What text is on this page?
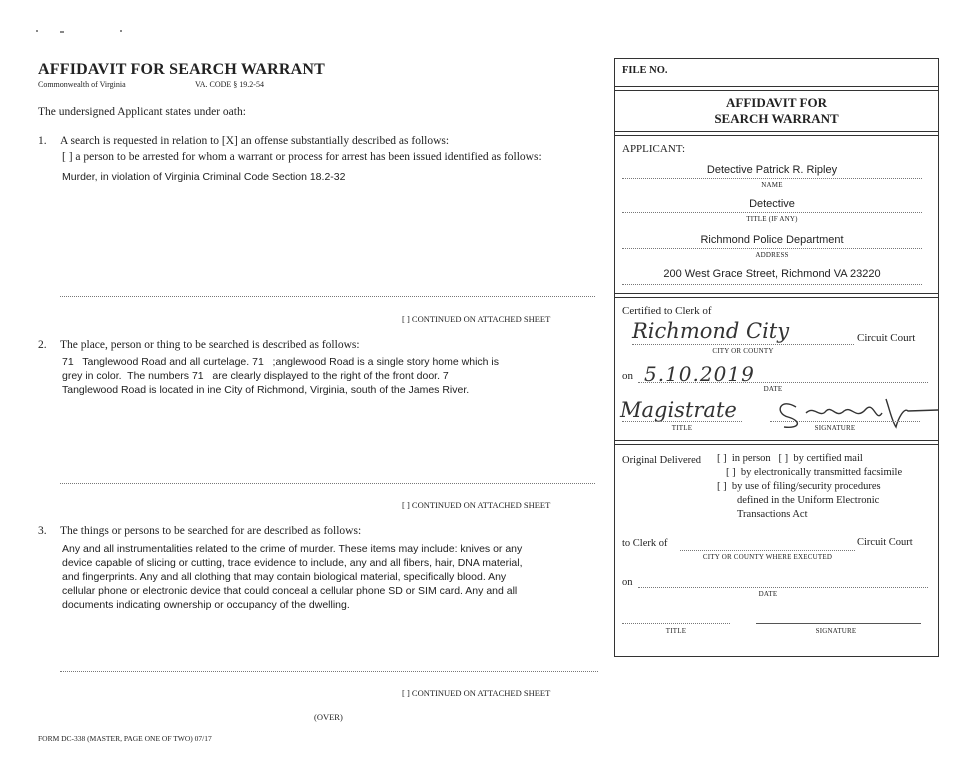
AFFIDAVIT FOR SEARCH WARRANT
Commonwealth of Virginia	VA. CODE § 19.2-54
The undersigned Applicant states under oath:
1. A search is requested in relation to [X] an offense substantially described as follows:
[ ] a person to be arrested for whom a warrant or process for arrest has been issued identified as follows:
Murder, in violation of Virginia Criminal Code Section 18.2-32
[ ] CONTINUED ON ATTACHED SHEET
2. The place, person or thing to be searched is described as follows:
71   Tanglewood Road and all curtelage. 71   ;anglewood Road is a single story home which is
grey in color.  The numbers 71   are clearly displayed to the right of the front door. 7
Tanglewood Road is located in ine City of Richmond, Virginia, south of the James River.
[ ] CONTINUED ON ATTACHED SHEET
3. The things or persons to be searched for are described as follows:
Any and all instrumentalities related to the crime of murder. These items may include: knives or any
device capable of slicing or cutting, trace evidence to include, any and all fibers, hair, DNA material,
and fingerprints. Any and all clothing that may contain biological material, specifically blood. Any
cellular phone or electronic device that could conceal a cellular phone SD or SIM card. Any and all
documents indicating ownership or occupancy of the dwelling.
[ ] CONTINUED ON ATTACHED SHEET
(OVER)
FORM DC-338 (MASTER, PAGE ONE OF TWO) 07/17
FILE NO.
AFFIDAVIT FOR
SEARCH WARRANT
APPLICANT:
Detective Patrick R. Ripley
NAME
Detective
TITLE (IF ANY)
Richmond Police Department
ADDRESS
200 West Grace Street, Richmond VA 23220
Certified to Clerk of
Richmond City	Circuit Court
CITY OR COUNTY
on 5.10.2019
DATE
Magistrate
TITLE	SIGNATURE
Original Delivered [ ]  in person   [ ]  by certified mail
[ ]  by electronically transmitted facsimile
[ ]  by use of filing/security procedures
defined in the Uniform Electronic
Transactions Act
to Clerk of	Circuit Court
CITY OR COUNTY WHERE EXECUTED
on
DATE
TITLE	SIGNATURE
